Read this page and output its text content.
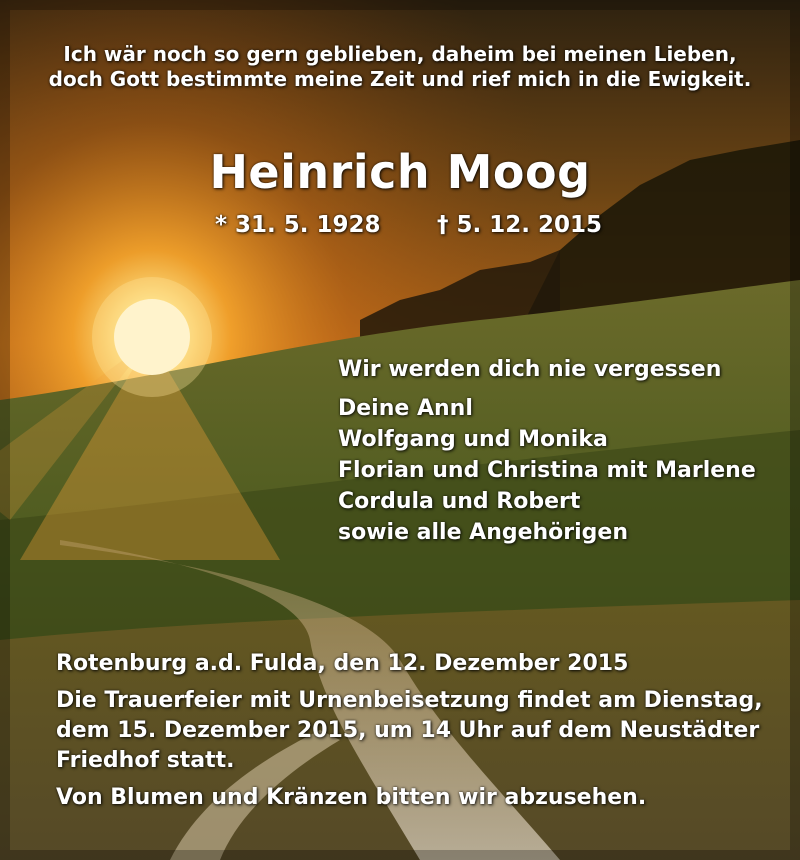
Ich wär noch so gern geblieben, daheim bei meinen Lieben,
doch Gott bestimmte meine Zeit und rief mich in die Ewigkeit.
Heinrich Moog
* 31. 5. 1928 † 5. 12. 2015
Wir werden dich nie vergessen
Deine Annl
Wolfgang und Monika
Florian und Christina mit Marlene
Cordula und Robert
sowie alle Angehörigen
Rotenburg a.d. Fulda, den 12. Dezember 2015
Die Trauerfeier mit Urnenbeisetzung findet am Dienstag,
dem 15. Dezember 2015, um 14 Uhr auf dem Neustädter
Friedhof statt.
Von Blumen und Kränzen bitten wir abzusehen.
